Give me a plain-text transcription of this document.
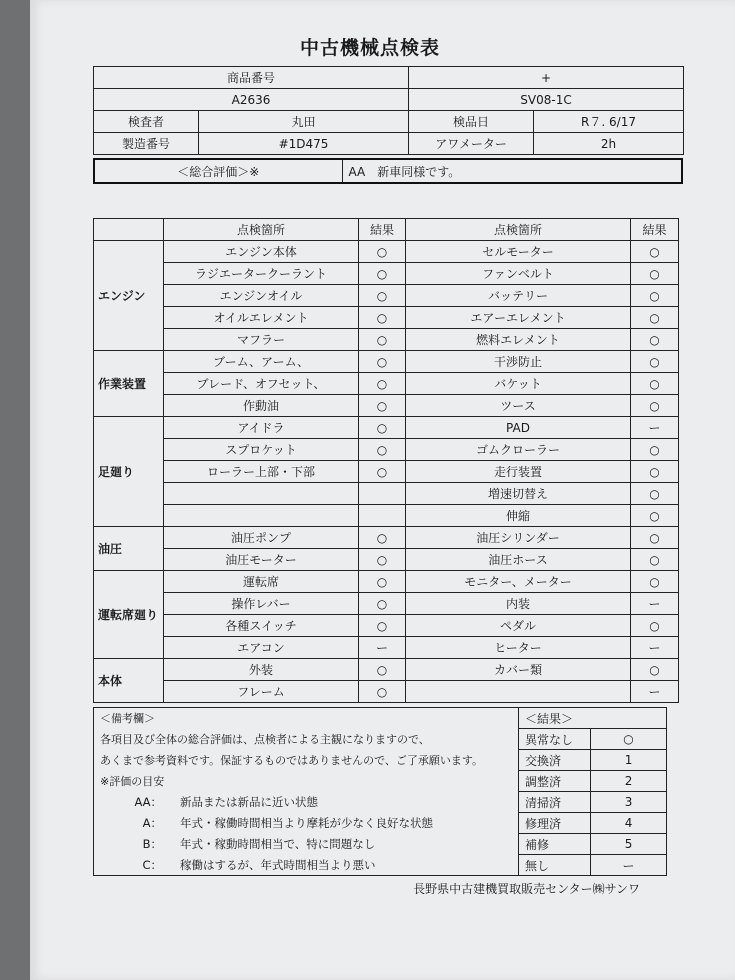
中古機械点検表
商品番号		+	
A2636		SV08-1C	
検査者	丸田	検品日	R７. 6/17
製造番号	#1D475	アワメーター	2h
＜総合評価＞※	AA　新車同様です。
	点検箇所	結果	点検箇所	結果
エンジン	エンジン本体	○	セルモーター	○
	ラジエータークーラント	○	ファンベルト	○
	エンジンオイル	○	バッテリー	○
	オイルエレメント	○	エアーエレメント	○
	マフラー	○	燃料エレメント	○
作業装置	ブーム、アーム、	○	干渉防止	○
	ブレード、オフセット、	○	バケット	○
	作動油	○	ツース	○
足廻り	アイドラ	○	PAD	ー
	スプロケット	○	ゴムクローラー	○
	ローラー上部・下部	○	走行装置	○
			増速切替え	○
			伸縮	○
油圧	油圧ポンプ	○	油圧シリンダー	○
	油圧モーター	○	油圧ホース	○
運転席廻り	運転席	○	モニター、メーター	○
	操作レバー	○	内装	ー
	各種スイッチ	○	ペダル	○
	エアコン	ー	ヒーター	ー
本体	外装	○	カバー類	○
	フレーム	○		ー
＜備考欄＞	＜結果＞	
各項目及び全体の総合評価は、点検者による主観になりますので、	異常なし	○
あくまで参考資料です。保証するものではありませんので、ご了承願います。	交換済	1
※評価の目安	調整済	2
AA： 新品または新品に近い状態	清掃済	3
A： 年式・稼働時間相当より摩耗が少なく良好な状態	修理済	4
B： 年式・稼動時間相当で、特に問題なし	補修	5
C： 稼働はするが、年式時間相当より悪い	無し	ー
長野県中古建機買取販売センター㈱サンワ
